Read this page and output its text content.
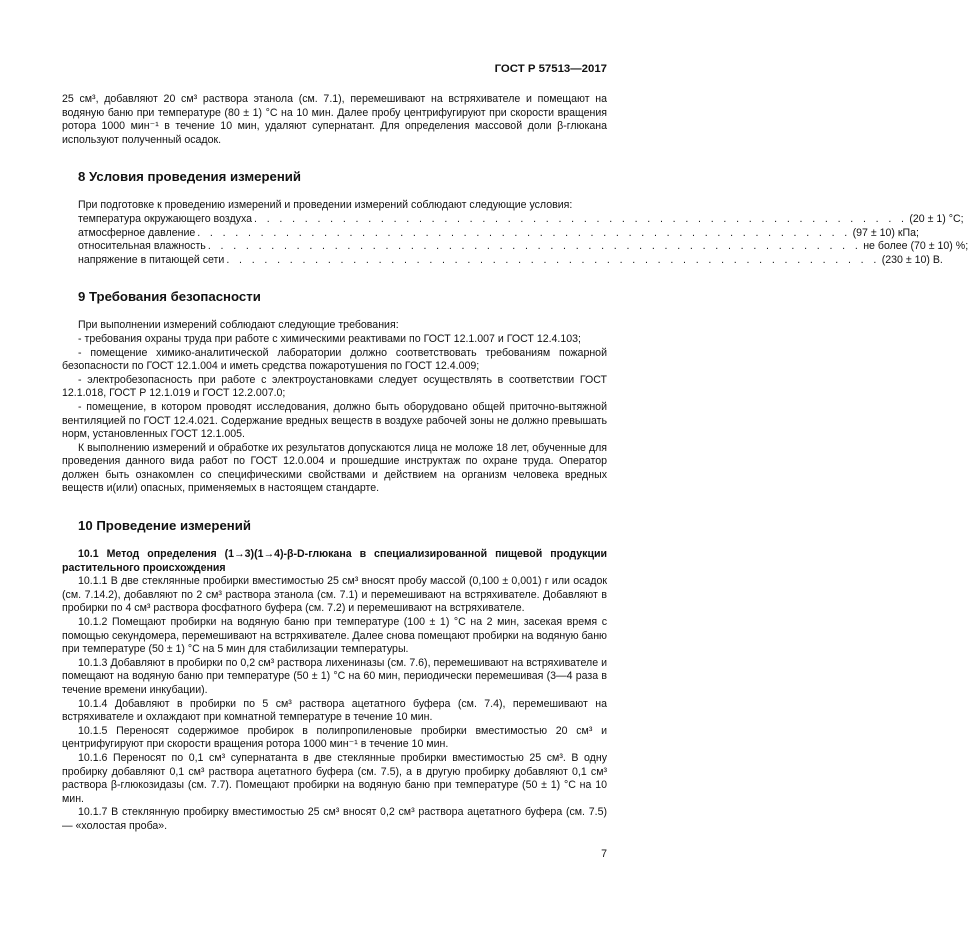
ГОСТ Р 57513—2017

25 см³, добавляют 20 см³ раствора этанола (см. 7.1), перемешивают на встряхивателе и помещают на водяную баню при температуре (80 ± 1) °С на 10 мин. Далее пробу центрифугируют при скорости вращения ротора 1000 мин⁻¹ в течение 10 мин, удаляют супернатант. Для определения массовой доли β-глюкана используют полученный осадок.

8 Условия проведения измерений

При подготовке к проведению измерений и проведении измерений соблюдают следующие условия:

температура окружающего воздуха . . . . . . . . . . . . . . . . . . . . . . . . . . . . . . . . . . . . . . . . . . . . . . . . . . . . (20 ± 1) °С;
атмосферное давление . . . . . . . . . . . . . . . . . . . . . . . . . . . . . . . . . . . . . . . . . . . . . . . . . . . . (97 ± 10) кПа;
относительная влажность . . . . . . . . . . . . . . . . . . . . . . . . . . . . . . . . . . . . . . . . . . . . . . . . . . . . не более (70 ± 10) %;
напряжение в питающей сети . . . . . . . . . . . . . . . . . . . . . . . . . . . . . . . . . . . . . . . . . . . . . . . . . . . . (230 ± 10) В.
9 Требования безопасности

При выполнении измерений соблюдают следующие требования:

- требования охраны труда при работе с химическими реактивами по ГОСТ 12.1.007 и ГОСТ 12.4.103;

- помещение химико-аналитической лаборатории должно соответствовать требованиям пожарной безопасности по ГОСТ 12.1.004 и иметь средства пожаротушения по ГОСТ 12.4.009;

- электробезопасность при работе с электроустановками следует осуществлять в соответствии ГОСТ 12.1.018, ГОСТ Р 12.1.019 и ГОСТ 12.2.007.0;

- помещение, в котором проводят исследования, должно быть оборудовано общей приточно-вытяжной вентиляцией по ГОСТ 12.4.021. Содержание вредных веществ в воздухе рабочей зоны не должно превышать норм, установленных ГОСТ 12.1.005.

К выполнению измерений и обработке их результатов допускаются лица не моложе 18 лет, обученные для проведения данного вида работ по ГОСТ 12.0.004 и прошедшие инструктаж по охране труда. Оператор должен быть ознакомлен со специфическими свойствами и действием на организм человека вредных веществ и(или) опасных, применяемых в настоящем стандарте.

10 Проведение измерений
10.1 Метод определения (1→3)(1→4)-β-D-глюкана в специализированной пищевой продукции растительного происхождения

10.1.1 В две стеклянные пробирки вместимостью 25 см³ вносят пробу массой (0,100 ± 0,001) г или осадок (см. 7.14.2), добавляют по 2 см³ раствора этанола (см. 7.1) и перемешивают на встряхивателе. Добавляют в пробирки по 4 см³ раствора фосфатного буфера (см. 7.2) и перемешивают на встряхивателе.

10.1.2 Помещают пробирки на водяную баню при температуре (100 ± 1) °С на 2 мин, засекая время с помощью секундомера, перемешивают на встряхивателе. Далее снова помещают пробирки на водяную баню при температуре (50 ± 1) °С на 5 мин для стабилизации температуры.

10.1.3 Добавляют в пробирки по 0,2 см³ раствора лихениназы (см. 7.6), перемешивают на встряхивателе и помещают на водяную баню при температуре (50 ± 1) °С на 60 мин, периодически перемешивая (3—4 раза в течение времени инкубации).

10.1.4 Добавляют в пробирки по 5 см³ раствора ацетатного буфера (см. 7.4), перемешивают на встряхивателе и охлаждают при комнатной температуре в течение 10 мин.

10.1.5 Переносят содержимое пробирок в полипропиленовые пробирки вместимостью 20 см³ и центрифугируют при скорости вращения ротора 1000 мин⁻¹ в течение 10 мин.

10.1.6 Переносят по 0,1 см³ супернатанта в две стеклянные пробирки вместимостью 25 см³. В одну пробирку добавляют 0,1 см³ раствора ацетатного буфера (см. 7.5), а в другую пробирку добавляют 0,1 см³ раствора β-глюкозидазы (см. 7.7). Помещают пробирки на водяную баню при температуре (50 ± 1) °С на 10 мин.

10.1.7 В стеклянную пробирку вместимостью 25 см³ вносят 0,2 см³ раствора ацетатного буфера (см. 7.5) — «холостая проба».

7
